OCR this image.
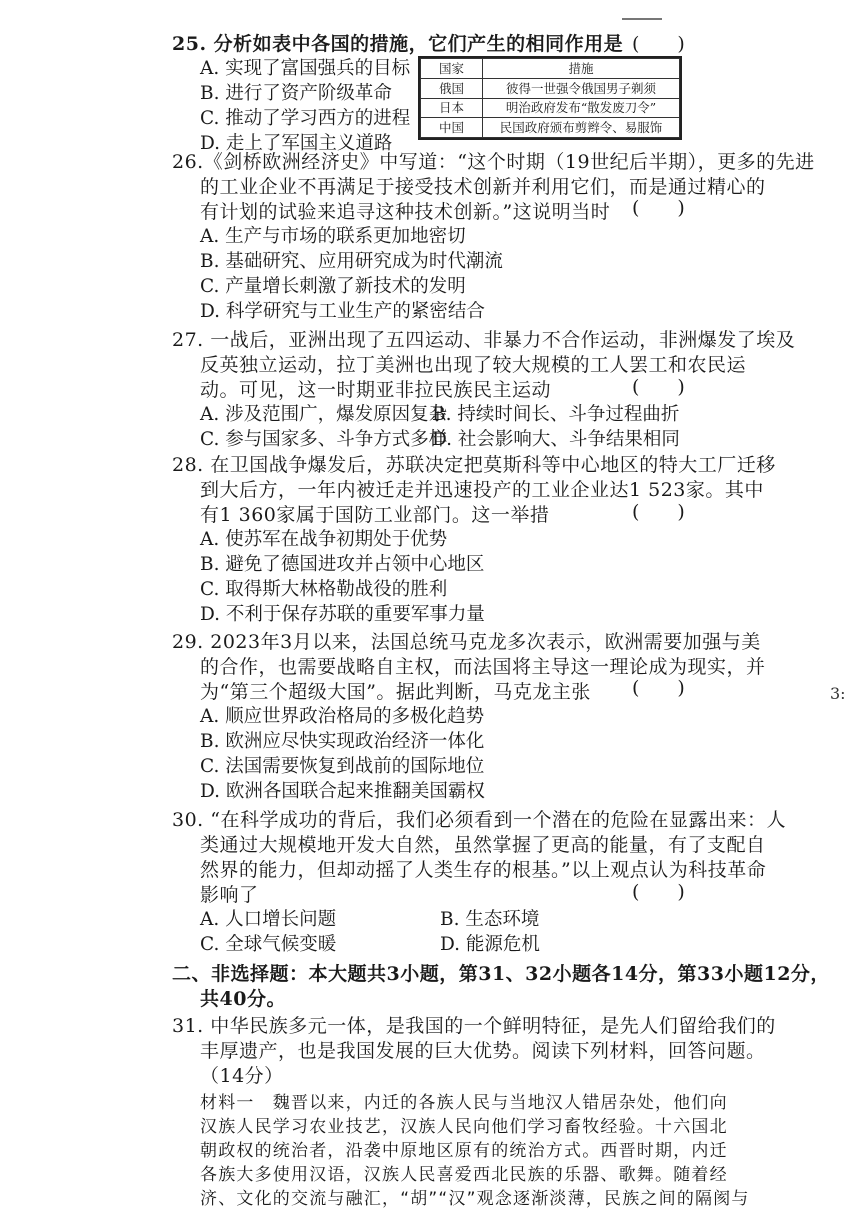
25. 分析如表中各国的措施，它们产生的相同作用是 (　　)
A. 实现了富国强兵的目标
B. 进行了资产阶级革命
C. 推动了学习西方的进程
D. 走上了军国主义道路
国家	措施
俄国	彼得一世强令俄国男子剃须
日本	明治政府发布“散发废刀令”
中国	民国政府颁布剪辫令、易服饰
26.《剑桥欧洲经济史》中写道：“这个时期（19世纪后半期），更多的先进
的工业企业不再满足于接受技术创新并利用它们，而是通过精心的
有计划的试验来追寻这种技术创新。”这说明当时 (　　)
A. 生产与市场的联系更加地密切
B. 基础研究、应用研究成为时代潮流
C. 产量增长刺激了新技术的发明
D. 科学研究与工业生产的紧密结合
27. 一战后，亚洲出现了五四运动、非暴力不合作运动，非洲爆发了埃及
反英独立运动，拉丁美洲也出现了较大规模的工人罢工和农民运
动。可见，这一时期亚非拉民族民主运动	(　　)
A. 涉及范围广，爆发原因复杂
B. 持续时间长、斗争过程曲折
C. 参与国家多、斗争方式多样
D. 社会影响大、斗争结果相同
28. 在卫国战争爆发后，苏联决定把莫斯科等中心地区的特大工厂迁移
到大后方，一年内被迁走并迅速投产的工业企业达1 523家。其中
有1 360家属于国防工业部门。这一举措	(　　)
A. 使苏军在战争初期处于优势
B. 避免了德国进攻并占领中心地区
C. 取得斯大林格勒战役的胜利
D. 不利于保存苏联的重要军事力量
29. 2023年3月以来，法国总统马克龙多次表示，欧洲需要加强与美
的合作，也需要战略自主权，而法国将主导这一理论成为现实，并
为“第三个超级大国”。据此判断，马克龙主张 (　　)	3:
A. 顺应世界政治格局的多极化趋势
B. 欧洲应尽快实现政治经济一体化
C. 法国需要恢复到战前的国际地位
D. 欧洲各国联合起来推翻美国霸权
30. “在科学成功的背后，我们必须看到一个潜在的危险在显露出来：人
类通过大规模地开发大自然，虽然掌握了更高的能量，有了支配自
然界的能力，但却动摇了人类生存的根基。”以上观点认为科技革命
影响了	(　　)
A. 人口增长问题	B. 生态环境
C. 全球气候变暖	D. 能源危机
二、非选择题：本大题共3小题，第31、32小题各14分，第33小题12分，
共40分。
31. 中华民族多元一体，是我国的一个鲜明特征，是先人们留给我们的
丰厚遗产，也是我国发展的巨大优势。阅读下列材料，回答问题。
（14分）
材料一　魏晋以来，内迁的各族人民与当地汉人错居杂处，他们向
汉族人民学习农业技艺，汉族人民向他们学习畜牧经验。十六国北
朝政权的统治者，沿袭中原地区原有的统治方式。西晋时期，内迁
各族大多使用汉语，汉族人民喜爱西北民族的乐器、歌舞。随着经
济、文化的交流与融汇，“胡”“汉”观念逐渐淡薄，民族之间的隔阂与
